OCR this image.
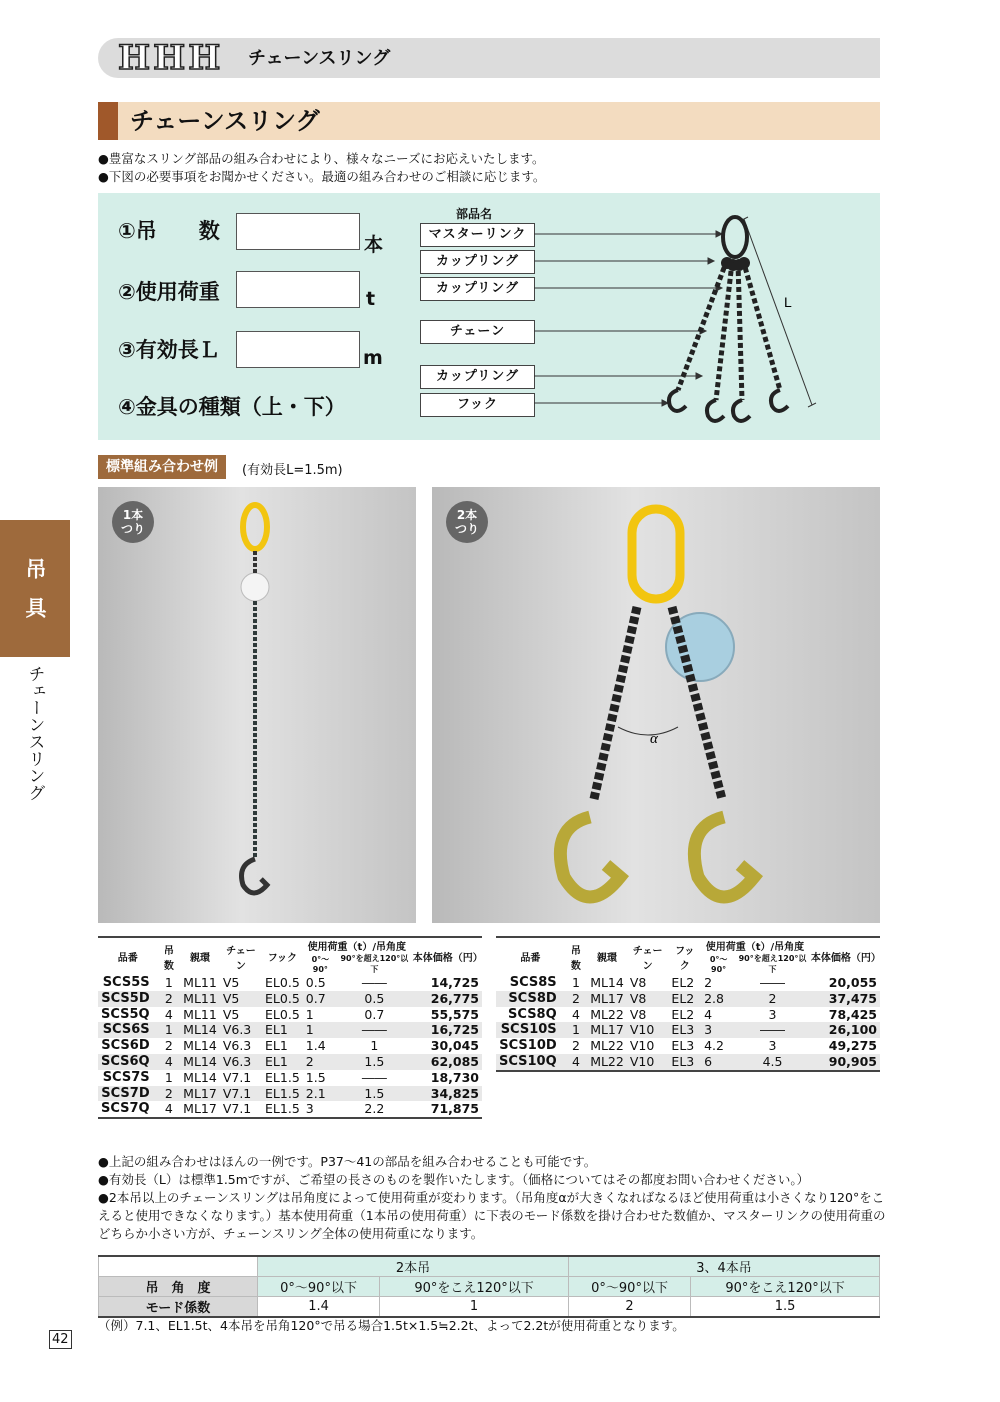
HHH チェーンスリング
チェーンスリング
●豊富なスリング部品の組み合わせにより、様々なニーズにお応えいたします。
●下図の必要事項をお聞かせください。最適の組み合わせのご相談に応じます。
①吊　　数
本
②使用荷重	t
③有効長Ｌ	m
④金具の種類（上・下）
部品名
マスターリンク
カップリング
カップリング
チェーン
カップリング
フック
L
標準組み合わせ例	(有効長L=1.5m)
1本
つり
2本
つり
α
吊具
チェーンスリング
品番	吊数	親環	チェーン	フック	使用荷重（t）/吊角度		本体価格（円）
					0°～90°	90°を超え120°以下	
SCS5S	1	ML11	V5	EL0.5	0.5	――	14,725
SCS5D	2	ML11	V5	EL0.5	0.7	0.5	26,775
SCS5Q	4	ML11	V5	EL0.5	1	0.7	55,575
SCS6S	1	ML14	V6.3	EL1	1	――	16,725
SCS6D	2	ML14	V6.3	EL1	1.4	1	30,045
SCS6Q	4	ML14	V6.3	EL1	2	1.5	62,085
SCS7S	1	ML14	V7.1	EL1.5	1.5	――	18,730
SCS7D	2	ML17	V7.1	EL1.5	2.1	1.5	34,825
SCS7Q	4	ML17	V7.1	EL1.5	3	2.2	71,875
品番	吊数	親環	チェーン	フック	使用荷重（t）/吊角度		本体価格（円）
					0°～90°	90°を超え120°以下	
SCS8S	1	ML14	V8	EL2	2	――	20,055
SCS8D	2	ML17	V8	EL2	2.8	2	37,475
SCS8Q	4	ML22	V8	EL2	4	3	78,425
SCS10S	1	ML17	V10	EL3	3	――	26,100
SCS10D	2	ML22	V10	EL3	4.2	3	49,275
SCS10Q	4	ML22	V10	EL3	6	4.5	90,905
●上記の組み合わせはほんの一例です。P37～41の部品を組み合わせることも可能です。
●有効長（L）は標準1.5mですが、ご希望の長さのものを製作いたします。（価格についてはその都度お問い合わせください。）
●2本吊以上のチェーンスリングは吊角度によって使用荷重が変わります。（吊角度αが大きくなればなるほど使用荷重は小さくなり120°をこえると使用できなくなります。）基本使用荷重（1本吊の使用荷重）に下表のモード係数を掛け合わせた数値か、マスターリンクの使用荷重のどちらか小さい方が、チェーンスリング全体の使用荷重になります。
	2本吊		3、4本吊	
吊　角　度	0°～90°以下	90°をこえ120°以下	0°～90°以下	90°をこえ120°以下
モード係数	1.4	1	2	1.5
（例）7.1、EL1.5t、4本吊を吊角120°で吊る場合1.5t×1.5≒2.2t、よって2.2tが使用荷重となります。
42
